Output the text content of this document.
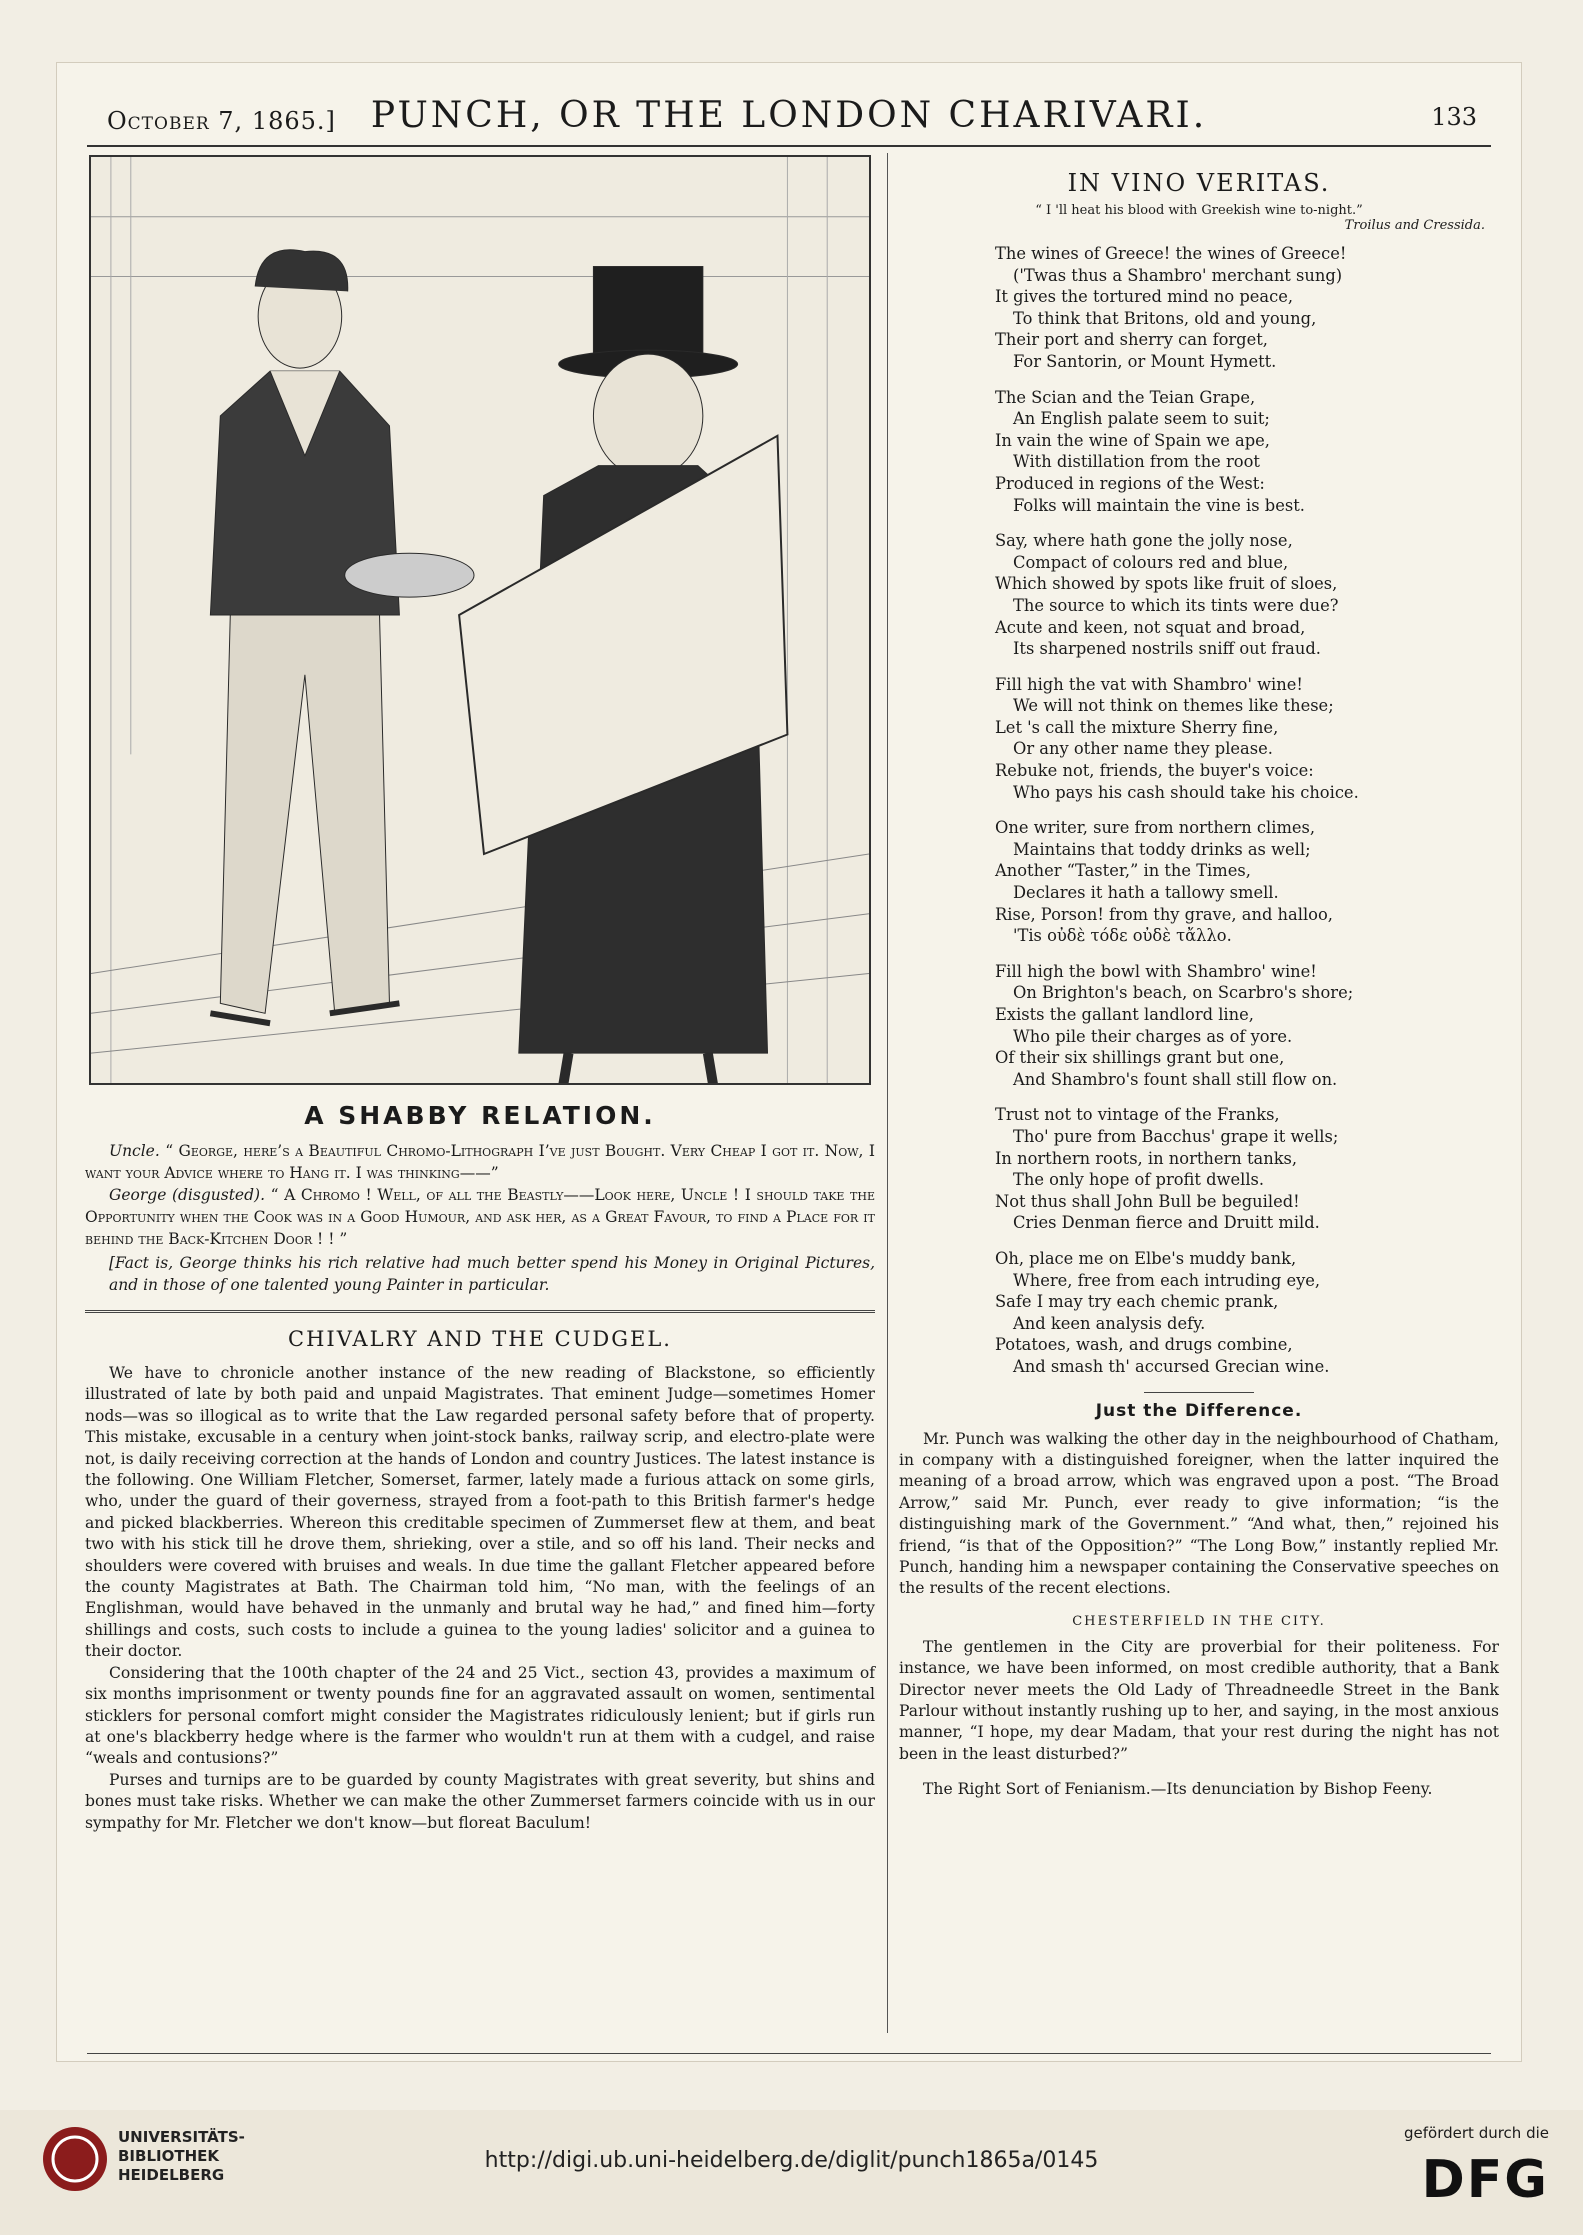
October 7, 1865.] PUNCH, OR THE LONDON CHARIVARI.	133
A SHABBY RELATION.

Uncle. “ George, here’s a Beautiful Chromo-Lithograph I’ve just Bought. Very Cheap I got it. Now, I want your Advice where to Hang it. I was thinking——”

George (disgusted). “ A Chromo ! Well, of all the Beastly——Look here, Uncle ! I should take the Opportunity when the Cook was in a Good Humour, and ask her, as a Great Favour, to find a Place for it behind the Back-Kitchen Door ! ! ”

[Fact is, George thinks his rich relative had much better spend his Money in Original Pictures, and in those of one talented young Painter in particular.
CHIVALRY AND THE CUDGEL.

We have to chronicle another instance of the new reading of Blackstone, so efficiently illustrated of late by both paid and unpaid Magistrates. That eminent Judge—sometimes Homer nods—was so illogical as to write that the Law regarded personal safety before that of property. This mistake, excusable in a century when joint-stock banks, railway scrip, and electro-plate were not, is daily receiving correction at the hands of London and country Justices. The latest instance is the following. One William Fletcher, Somerset, farmer, lately made a furious attack on some girls, who, under the guard of their governess, strayed from a foot-path to this British farmer's hedge and picked blackberries. Whereon this creditable specimen of Zummerset flew at them, and beat two with his stick till he drove them, shrieking, over a stile, and so off his land. Their necks and shoulders were covered with bruises and weals. In due time the gallant Fletcher appeared before the county Magistrates at Bath. The Chairman told him, “No man, with the feelings of an Englishman, would have behaved in the unmanly and brutal way he had,” and fined him—forty shillings and costs, such costs to include a guinea to the young ladies' solicitor and a guinea to their doctor.

Considering that the 100th chapter of the 24 and 25 Vict., section 43, provides a maximum of six months imprisonment or twenty pounds fine for an aggravated assault on women, sentimental sticklers for personal comfort might consider the Magistrates ridiculously lenient; but if girls run at one's blackberry hedge where is the farmer who wouldn't run at them with a cudgel, and raise “weals and contusions?”

Purses and turnips are to be guarded by county Magistrates with great severity, but shins and bones must take risks. Whether we can make the other Zummerset farmers coincide with us in our sympathy for Mr. Fletcher we don't know—but floreat Baculum!

IN VINO VERITAS.
“ I 'll heat his blood with Greekish wine to-night.”
Troilus and Cressida.
The wines of Greece! the wines of Greece!
('Twas thus a Shambro' merchant sung)
It gives the tortured mind no peace,
To think that Britons, old and young,
Their port and sherry can forget,
For Santorin, or Mount Hymett.
The Scian and the Teian Grape,
An English palate seem to suit;
In vain the wine of Spain we ape,
With distillation from the root
Produced in regions of the West:
Folks will maintain the vine is best.
Say, where hath gone the jolly nose,
Compact of colours red and blue,
Which showed by spots like fruit of sloes,
The source to which its tints were due?
Acute and keen, not squat and broad,
Its sharpened nostrils sniff out fraud.
Fill high the vat with Shambro' wine!
We will not think on themes like these;
Let 's call the mixture Sherry fine,
Or any other name they please.
Rebuke not, friends, the buyer's voice:
Who pays his cash should take his choice.
One writer, sure from northern climes,
Maintains that toddy drinks as well;
Another “Taster,” in the Times,
Declares it hath a tallowy smell.
Rise, Porson! from thy grave, and halloo,
'Tis οὐδὲ τόδε οὐδὲ τἄλλο.
Fill high the bowl with Shambro' wine!
On Brighton's beach, on Scarbro's shore;
Exists the gallant landlord line,
Who pile their charges as of yore.
Of their six shillings grant but one,
And Shambro's fount shall still flow on.
Trust not to vintage of the Franks,
Tho' pure from Bacchus' grape it wells;
In northern roots, in northern tanks,
The only hope of profit dwells.
Not thus shall John Bull be beguiled!
Cries Denman fierce and Druitt mild.
Oh, place me on Elbe's muddy bank,
Where, free from each intruding eye,
Safe I may try each chemic prank,
And keen analysis defy.
Potatoes, wash, and drugs combine,
And smash th' accursed Grecian wine.
Just the Difference.

Mr. Punch was walking the other day in the neighbourhood of Chatham, in company with a distinguished foreigner, when the latter inquired the meaning of a broad arrow, which was engraved upon a post. “The Broad Arrow,” said Mr. Punch, ever ready to give information; “is the distinguishing mark of the Government.” “And what, then,” rejoined his friend, “is that of the Opposition?” “The Long Bow,” instantly replied Mr. Punch, handing him a newspaper containing the Conservative speeches on the results of the recent elections.

CHESTERFIELD IN THE CITY.

The gentlemen in the City are proverbial for their politeness. For instance, we have been informed, on most credible authority, that a Bank Director never meets the Old Lady of Threadneedle Street in the Bank Parlour without instantly rushing up to her, and saying, in the most anxious manner, “I hope, my dear Madam, that your rest during the night has not been in the least disturbed?”

The Right Sort of Fenianism.—Its denunciation by Bishop Feeny.

UNIVERSITÄTS-
BIBLIOTHEK
HEIDELBERG
http://digi.ub.uni-heidelberg.de/diglit/punch1865a/0145
gefördert durch die
DFG
